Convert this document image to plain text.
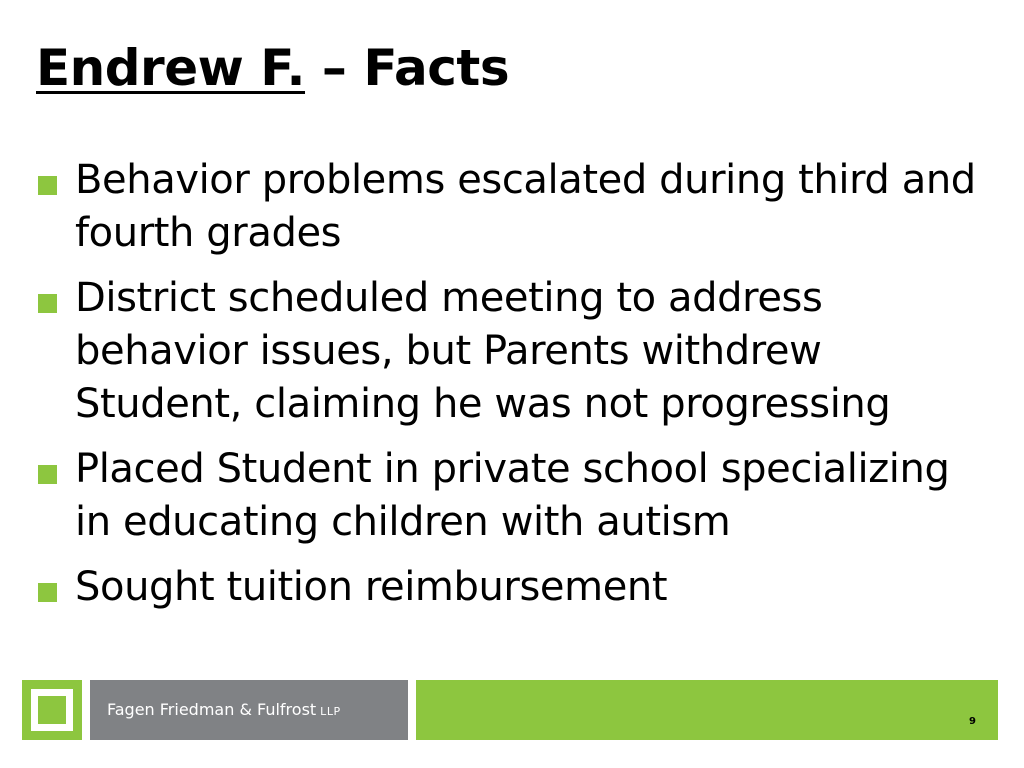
Endrew F. – Facts
Behavior problems escalated during third and fourth grades
District scheduled meeting to address behavior issues, but Parents withdrew Student, claiming he was not progressing
Placed Student in private school specializing in educating children with autism
Sought tuition reimbursement
Fagen Friedman & Fulfrost LLP
9
